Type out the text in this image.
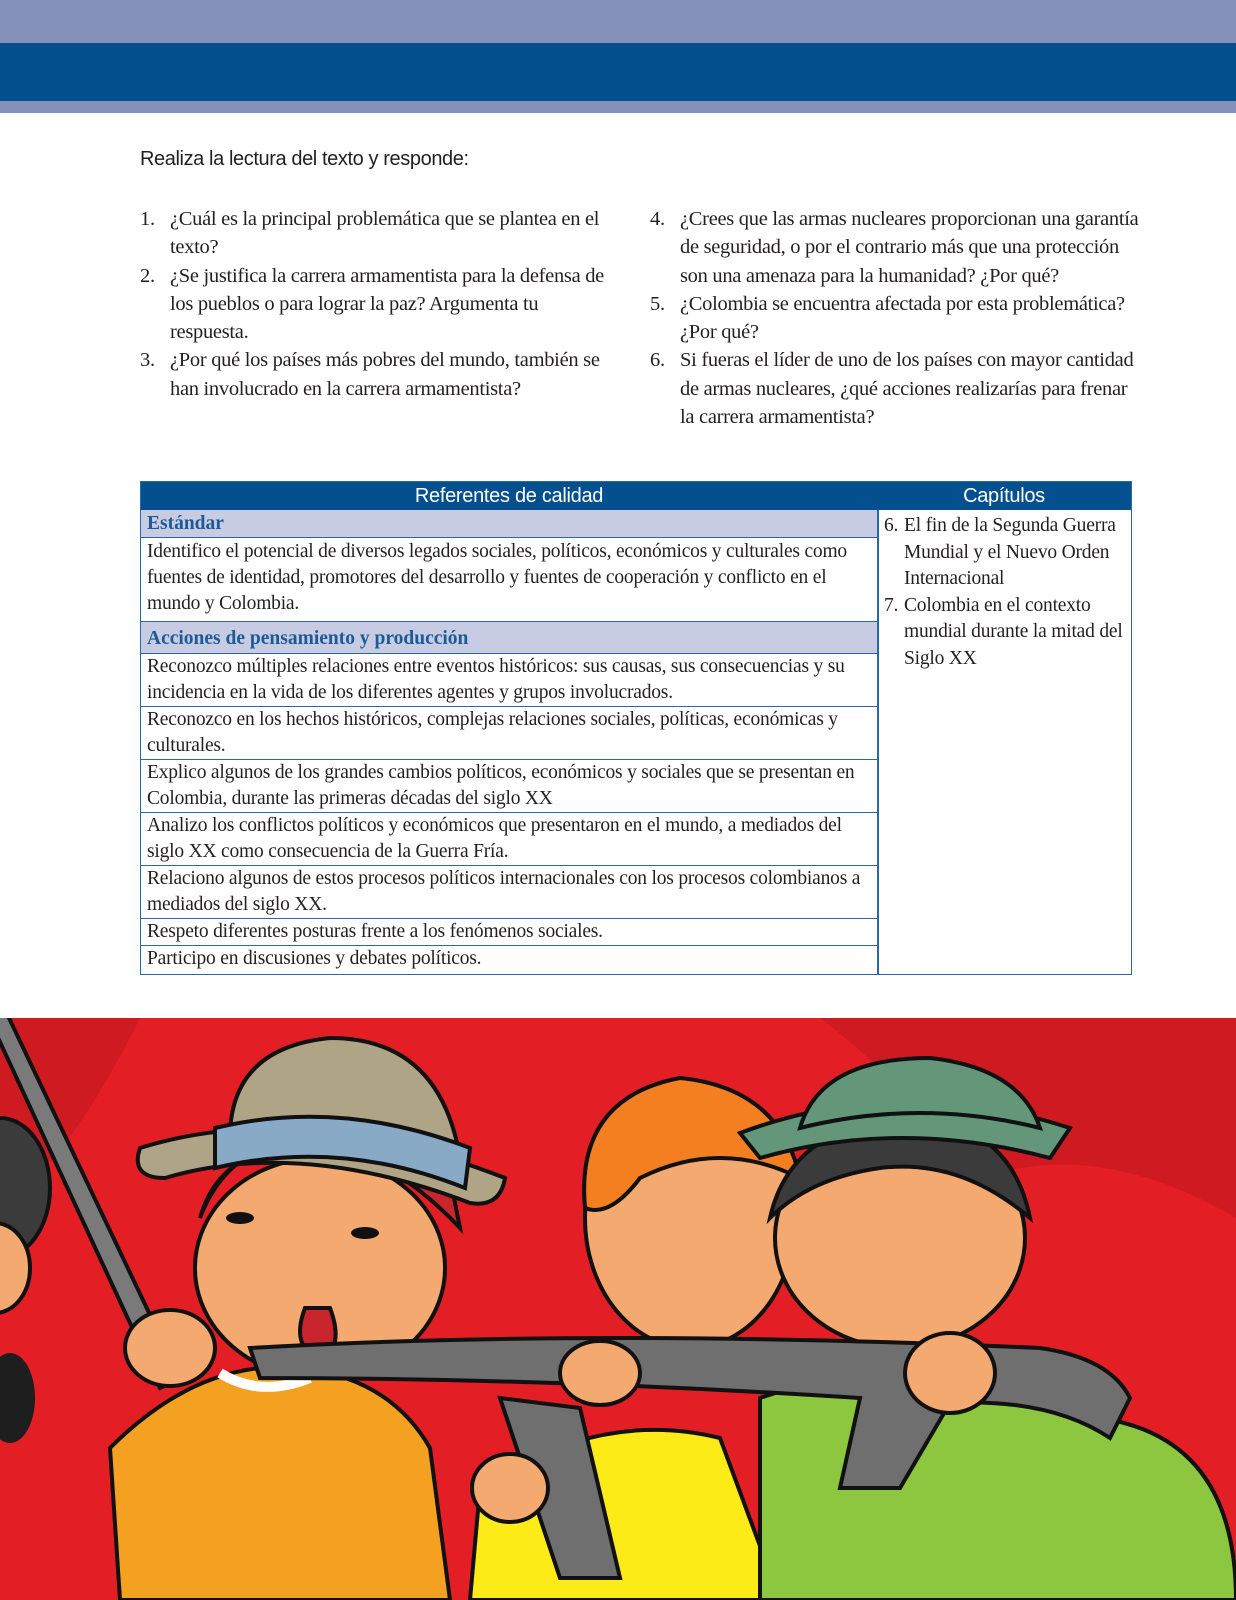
Realiza la lectura del texto y responde:
1. ¿Cuál es la principal problemática que se plantea en el texto?
2. ¿Se justifica la carrera armamentista para la defensa de los pueblos o para lograr la paz? Argumenta tu respuesta.
3. ¿Por qué los países más pobres del mundo, también se han involucrado en la carrera armamentista?
4. ¿Crees que las armas nucleares proporcionan una garantía de seguridad, o por el contrario más que una protección son una amenaza para la humanidad? ¿Por qué?
5. ¿Colombia se encuentra afectada por esta problemática? ¿Por qué?
6. Si fueras el líder de uno de los países con mayor cantidad de armas nucleares, ¿qué acciones realizarías para frenar la carrera armamentista?
Referentes de calidad	Capítulos
Estándar
Identifico el potencial de diversos legados sociales, políticos, económicos y culturales como fuentes de identidad, promotores del desarrollo y fuentes de cooperación y conflicto en el mundo y Colombia.
Acciones de pensamiento y producción
Reconozco múltiples relaciones entre eventos históricos: sus causas, sus consecuencias y su incidencia en la vida de los diferentes agentes y grupos involucrados.
Reconozco en los hechos históricos, complejas relaciones sociales, políticas, económicas y culturales.
Explico algunos de los grandes cambios políticos, económicos y sociales que se presentan en Colombia, durante las primeras décadas del siglo XX
Analizo los conflictos políticos y económicos que presentaron en el mundo, a mediados del siglo XX como consecuencia de la Guerra Fría.
Relaciono algunos de estos procesos políticos internacionales con los procesos colombianos a mediados del siglo XX.
Respeto diferentes posturas frente a los fenómenos sociales.
Participo en discusiones y debates políticos.
6. El fin de la Segunda Guerra Mundial y el Nuevo Orden Internacional
7. Colombia en el contexto mundial durante la mitad del Siglo XX
